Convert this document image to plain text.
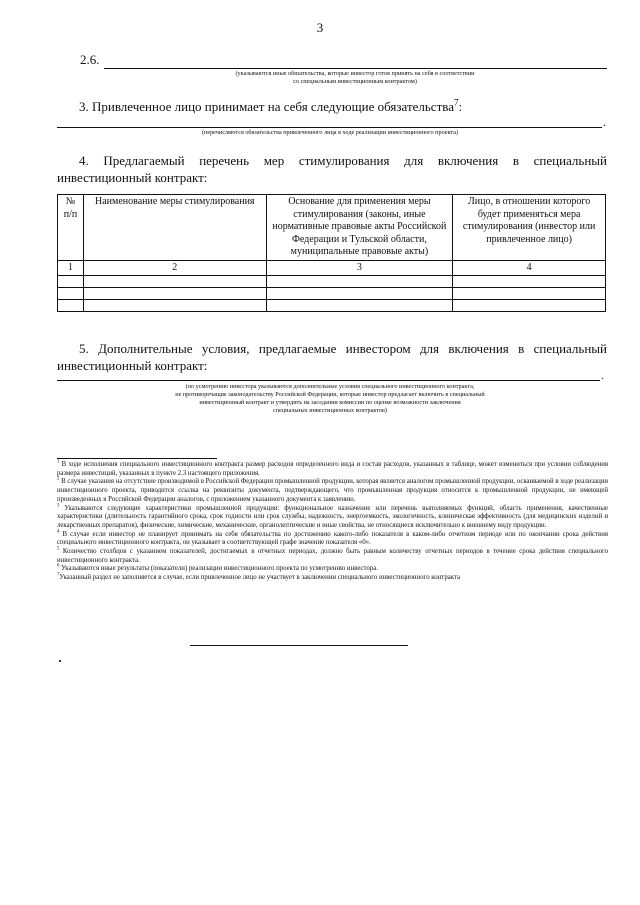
3
2.6.
(указываются иные обязательства, которые инвестор готов принять на себя в соответствии
со специальным инвестиционным контрактом)
3. Привлеченное лицо принимает на себя следующие обязательства$^7$:
.
(перечисляются обязательства привлеченного лица в ходе реализации инвестиционного проекта)
4. Предлагаемый перечень мер стимулирования для включения в специальный
инвестиционный контракт:
№ п/п	Наименование меры стимулирования	Основание для применения меры стимулирования (законы, иные нормативные правовые акты Российской Федерации и Тульской области, муниципальные правовые акты)	Лицо, в отношении которого будет применяться мера стимулирования (инвестор или привлеченное лицо)
1	2	3	4

5. Дополнительные условия, предлагаемые инвестором для включения в специальный
инвестиционный контракт:
.
(по усмотрению инвестора указываются дополнительные условия специального инвестиционного контракта,
не противоречащие законодательству Российской Федерации, которые инвестор предлагает включить в специальный
инвестиционный контракт и утвердить на заседании комиссии по оценке возможности заключения
специальных инвестиционных контрактов)

$^1$ В ходе исполнения специального инвестиционного контракта размер расходов определенного вида и состав расходов, указанных в таблице, может измениться при условии соблюдения размера инвестиций, указанных в пункте 2.3 настоящего приложения.

$^2$ В случае указания на отсутствие производимой в Российской Федерации промышленной продукции, которая является аналогом промышленной продукции, осваиваемой в ходе реализации инвестиционного проекта, приводится ссылка на реквизиты документа, подтверждающего, что промышленная продукция относится к промышленной продукции, не имеющей произведенных в Российской Федерации аналогов, с приложением указанного документа к заявлению.

$^3$ Указываются следующие характеристики промышленной продукции: функциональное назначение или перечень выполняемых функций, область применения, качественные характеристики (длительность гарантийного срока, срок годности или срок службы, надежность, энергоемкость, экологичность, клиническая эффективность (для медицинских изделий и лекарственных препаратов), физические, химические, механические, органолептические и иные свойства, не относящиеся исключительно к внешнему виду продукции.

$^4$ В случае если инвестор не планирует принимать на себя обязательства по достижению какого-либо показателя в каком-либо отчетном периоде или по окончании срока действия специального инвестиционного контракта, он указывает в соответствующей графе значение показателя «0».

$^5$ Количество столбцов с указанием показателей, достигаемых в отчетных периодах, должно быть равным количеству отчетных периодов в течение срока действия специального инвестиционного контракта.

$^6$ Указываются иные результаты (показатели) реализации инвестиционного проекта по усмотрению инвестора.

$^7$Указанный раздел не заполняется в случае, если привлеченное лицо не участвует в заключении специального инвестиционного контракта
